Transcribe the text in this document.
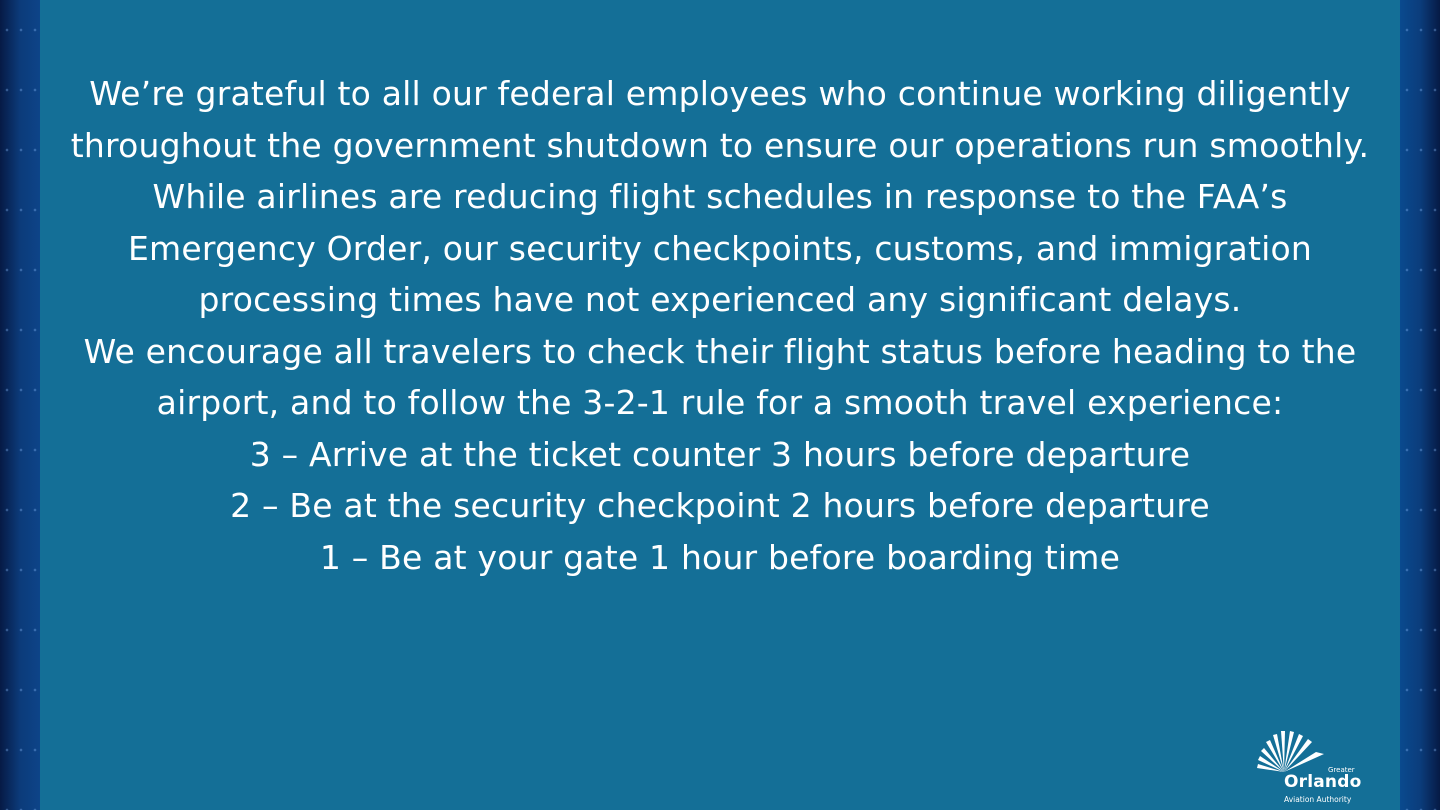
We’re grateful to all our federal employees who continue working diligently throughout the government shutdown to ensure our operations run smoothly. While airlines are reducing flight schedules in response to the FAA’s Emergency Order, our security checkpoints, customs, and immigration processing times have not experienced any significant delays.

We encourage all travelers to check their flight status before heading to the airport, and to follow the 3-2-1 rule for a smooth travel experience:

3 – Arrive at the ticket counter 3 hours before departure
2 – Be at the security checkpoint 2 hours before departure
1 – Be at your gate 1 hour before boarding time
Greater
Orlando
Aviation Authority
